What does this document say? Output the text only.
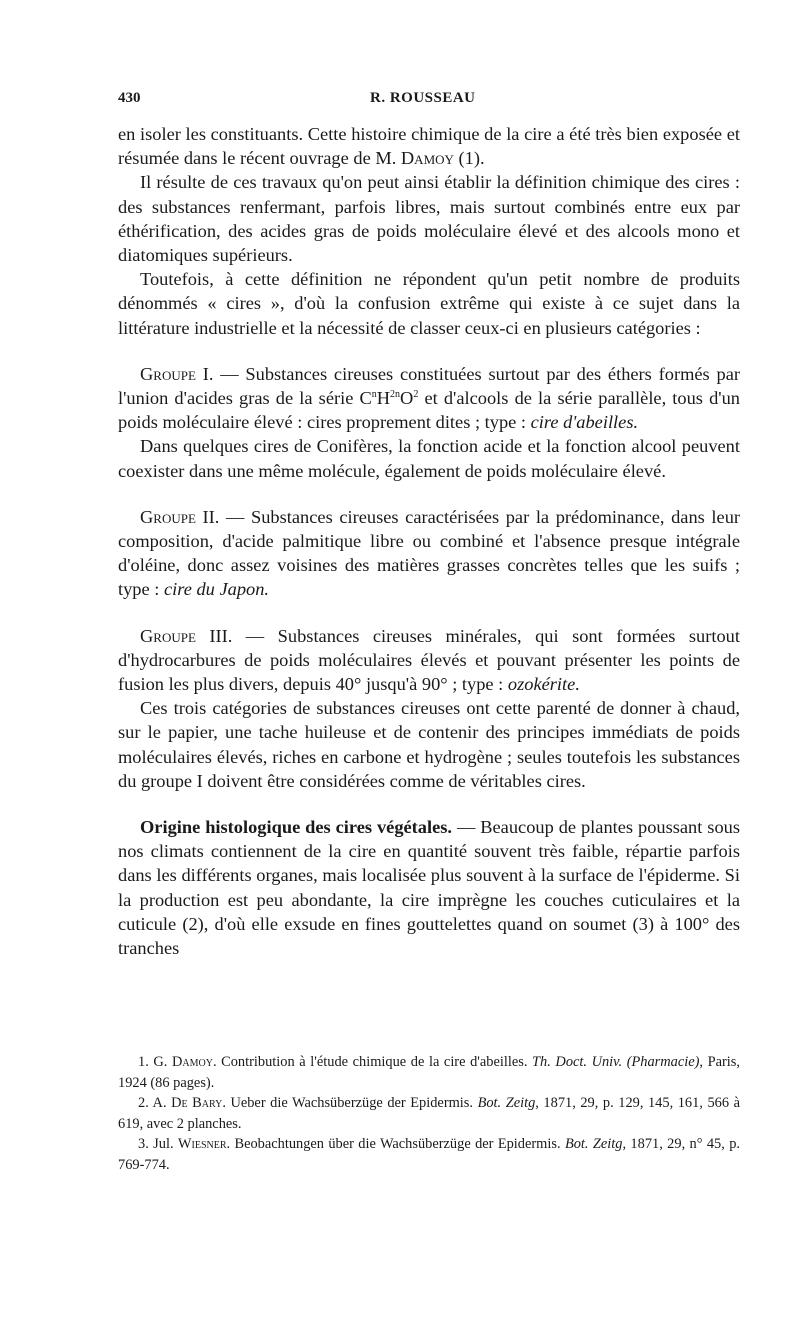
430	R. ROUSSEAU

en isoler les constituants. Cette histoire chimique de la cire a été très bien exposée et résumée dans le récent ouvrage de M. Damoy (1).

Il résulte de ces travaux qu'on peut ainsi établir la définition chimique des cires : des substances renfermant, parfois libres, mais surtout combinés entre eux par éthérification, des acides gras de poids moléculaire élevé et des alcools mono et diatomiques supérieurs.

Toutefois, à cette définition ne répondent qu'un petit nombre de produits dénommés « cires », d'où la confusion extrême qui existe à ce sujet dans la littérature industrielle et la nécessité de classer ceux-ci en plusieurs catégories :

Groupe I. — Substances cireuses constituées surtout par des éthers formés par l'union d'acides gras de la série $C^nH^{2n}O^2$ et d'alcools de la série parallèle, tous d'un poids moléculaire élevé : cires proprement dites ; type : cire d'abeilles.

Dans quelques cires de Conifères, la fonction acide et la fonction alcool peuvent coexister dans une même molécule, également de poids moléculaire élevé.

Groupe II. — Substances cireuses caractérisées par la prédominance, dans leur composition, d'acide palmitique libre ou combiné et l'absence presque intégrale d'oléine, donc assez voisines des matières grasses concrètes telles que les suifs ; type : cire du Japon.

Groupe III. — Substances cireuses minérales, qui sont formées surtout d'hydrocarbures de poids moléculaires élevés et pouvant présenter les points de fusion les plus divers, depuis 40° jusqu'à 90° ; type : ozokérite.

Ces trois catégories de substances cireuses ont cette parenté de donner à chaud, sur le papier, une tache huileuse et de contenir des principes immédiats de poids moléculaires élevés, riches en carbone et hydrogène ; seules toutefois les substances du groupe I doivent être considérées comme de véritables cires.

Origine histologique des cires végétales. — Beaucoup de plantes poussant sous nos climats contiennent de la cire en quantité souvent très faible, répartie parfois dans les différents organes, mais localisée plus souvent à la surface de l'épiderme. Si la production est peu abondante, la cire imprègne les couches cuticulaires et la cuticule (2), d'où elle exsude en fines gouttelettes quand on soumet (3) à 100° des tranches

1. G. Damoy. Contribution à l'étude chimique de la cire d'abeilles. Th. Doct. Univ. (Pharmacie), Paris, 1924 (86 pages).

2. A. De Bary. Ueber die Wachsüberzüge der Epidermis. Bot. Zeitg, 1871, 29, p. 129, 145, 161, 566 à 619, avec 2 planches.

3. Jul. Wiesner. Beobachtungen über die Wachsüberzüge der Epidermis. Bot. Zeitg, 1871, 29, n° 45, p. 769-774.
